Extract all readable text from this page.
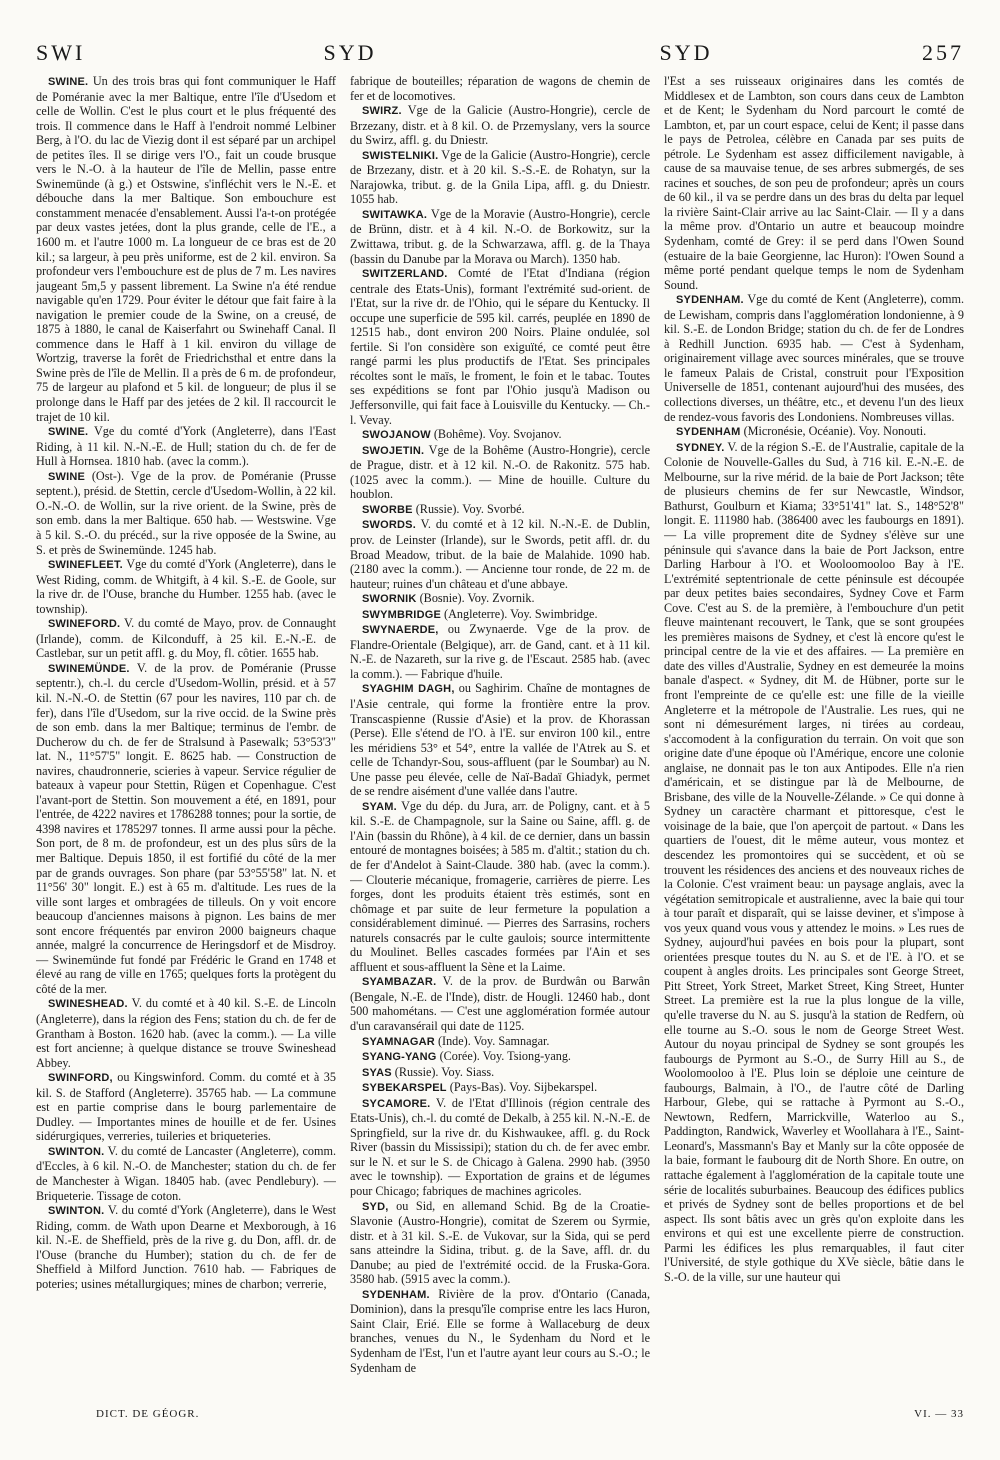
SWI	SYD	SYD	257

SWINE. Un des trois bras qui font communiquer le Haff de Poméranie avec la mer Baltique, entre l'île d'Usedom et celle de Wollin. C'est le plus court et le plus fréquenté des trois. Il commence dans le Haff à l'endroit nommé Lelbiner Berg, à l'O. du lac de Viezig dont il est séparé par un archipel de petites îles. Il se dirige vers l'O., fait un coude brusque vers le N.-O. à la hauteur de l'île de Mellin, passe entre Swinemünde (à g.) et Ostswine, s'infléchit vers le N.-E. et débouche dans la mer Baltique. Son embouchure est constamment menacée d'ensablement. Aussi l'a-t-on protégée par deux vastes jetées, dont la plus grande, celle de l'E., a 1600 m. et l'autre 1000 m. La longueur de ce bras est de 20 kil.; sa largeur, à peu près uniforme, est de 2 kil. environ. Sa profondeur vers l'embouchure est de plus de 7 m. Les navires jaugeant 5m,5 y passent librement. La Swine n'a été rendue navigable qu'en 1729. Pour éviter le détour que fait faire à la navigation le premier coude de la Swine, on a creusé, de 1875 à 1880, le canal de Kaiserfahrt ou Swinehaff Canal. Il commence dans le Haff à 1 kil. environ du village de Wortzig, traverse la forêt de Friedrichsthal et entre dans la Swine près de l'île de Mellin. Il a près de 6 m. de profondeur, 75 de largeur au plafond et 5 kil. de longueur; de plus il se prolonge dans le Haff par des jetées de 2 kil. Il raccourcit le trajet de 10 kil.

SWINE. Vge du comté d'York (Angleterre), dans l'East Riding, à 11 kil. N.-N.-E. de Hull; station du ch. de fer de Hull à Hornsea. 1810 hab. (avec la comm.).

SWINE (Ost-). Vge de la prov. de Poméranie (Prusse septent.), présid. de Stettin, cercle d'Usedom-Wollin, à 22 kil. O.-N.-O. de Wollin, sur la rive orient. de la Swine, près de son emb. dans la mer Baltique. 650 hab. — Westswine. Vge à 5 kil. S.-O. du précéd., sur la rive opposée de la Swine, au S. et près de Swinemünde. 1245 hab.

SWINEFLEET. Vge du comté d'York (Angleterre), dans le West Riding, comm. de Whitgift, à 4 kil. S.-E. de Goole, sur la rive dr. de l'Ouse, branche du Humber. 1255 hab. (avec le township).

SWINEFORD. V. du comté de Mayo, prov. de Connaught (Irlande), comm. de Kilconduff, à 25 kil. E.-N.-E. de Castlebar, sur un petit affl. g. du Moy, fl. côtier. 1655 hab.

SWINEMÜNDE. V. de la prov. de Poméranie (Prusse septentr.), ch.-l. du cercle d'Usedom-Wollin, présid. et à 57 kil. N.-N.-O. de Stettin (67 pour les navires, 110 par ch. de fer), dans l'île d'Usedom, sur la rive occid. de la Swine près de son emb. dans la mer Baltique; terminus de l'embr. de Ducherow du ch. de fer de Stralsund à Pasewalk; 53°53'3" lat. N., 11°57'5" longit. E. 8625 hab. — Construction de navires, chaudronnerie, scieries à vapeur. Service régulier de bateaux à vapeur pour Stettin, Rügen et Copenhague. C'est l'avant-port de Stettin. Son mouvement a été, en 1891, pour l'entrée, de 4222 navires et 1786288 tonnes; pour la sortie, de 4398 navires et 1785297 tonnes. Il arme aussi pour la pêche. Son port, de 8 m. de profondeur, est un des plus sûrs de la mer Baltique. Depuis 1850, il est fortifié du côté de la mer par de grands ouvrages. Son phare (par 53°55'58" lat. N. et 11°56' 30" longit. E.) est à 65 m. d'altitude. Les rues de la ville sont larges et ombragées de tilleuls. On y voit encore beaucoup d'anciennes maisons à pignon. Les bains de mer sont encore fréquentés par environ 2000 baigneurs chaque année, malgré la concurrence de Heringsdorf et de Misdroy. — Swinemünde fut fondé par Frédéric le Grand en 1748 et élevé au rang de ville en 1765; quelques forts la protègent du côté de la mer.

SWINESHEAD. V. du comté et à 40 kil. S.-E. de Lincoln (Angleterre), dans la région des Fens; station du ch. de fer de Grantham à Boston. 1620 hab. (avec la comm.). — La ville est fort ancienne; à quelque distance se trouve Swineshead Abbey.

SWINFORD, ou Kingswinford. Comm. du comté et à 35 kil. S. de Stafford (Angleterre). 35765 hab. — La commune est en partie comprise dans le bourg parlementaire de Dudley. — Importantes mines de houille et de fer. Usines sidérurgiques, verreries, tuileries et briqueteries.

SWINTON. V. du comté de Lancaster (Angleterre), comm. d'Eccles, à 6 kil. N.-O. de Manchester; station du ch. de fer de Manchester à Wigan. 18405 hab. (avec Pendlebury). — Briqueterie. Tissage de coton.

SWINTON. V. du comté d'York (Angleterre), dans le West Riding, comm. de Wath upon Dearne et Mexborough, à 16 kil. N.-E. de Sheffield, près de la rive g. du Don, affl. dr. de l'Ouse (branche du Humber); station du ch. de fer de Sheffield à Milford Junction. 7610 hab. — Fabriques de poteries; usines métallurgiques; mines de charbon; verrerie,

fabrique de bouteilles; réparation de wagons de chemin de fer et de locomotives.

SWIRZ. Vge de la Galicie (Austro-Hongrie), cercle de Brzezany, distr. et à 8 kil. O. de Przemyslany, vers la source du Swirz, affl. g. du Dniestr.

SWISTELNIKI. Vge de la Galicie (Austro-Hongrie), cercle de Brzezany, distr. et à 20 kil. S.-S.-E. de Rohatyn, sur la Narajowka, tribut. g. de la Gnila Lipa, affl. g. du Dniestr. 1055 hab.

SWITAWKA. Vge de la Moravie (Austro-Hongrie), cercle de Brünn, distr. et à 4 kil. N.-O. de Borkowitz, sur la Zwittawa, tribut. g. de la Schwarzawa, affl. g. de la Thaya (bassin du Danube par la Morava ou March). 1350 hab.

SWITZERLAND. Comté de l'Etat d'Indiana (région centrale des Etats-Unis), formant l'extrémité sud-orient. de l'Etat, sur la rive dr. de l'Ohio, qui le sépare du Kentucky. Il occupe une superficie de 595 kil. carrés, peuplée en 1890 de 12515 hab., dont environ 200 Noirs. Plaine ondulée, sol fertile. Si l'on considère son exiguïté, ce comté peut être rangé parmi les plus productifs de l'Etat. Ses principales récoltes sont le maïs, le froment, le foin et le tabac. Toutes ses expéditions se font par l'Ohio jusqu'à Madison ou Jeffersonville, qui fait face à Louisville du Kentucky. — Ch.-l. Vevay.

SWOJANOW (Bohême). Voy. Svojanov.

SWOJETIN. Vge de la Bohême (Austro-Hongrie), cercle de Prague, distr. et à 12 kil. N.-O. de Rakonitz. 575 hab. (1025 avec la comm.). — Mine de houille. Culture du houblon.

SWORBE (Russie). Voy. Svorbé.

SWORDS. V. du comté et à 12 kil. N.-N.-E. de Dublin, prov. de Leinster (Irlande), sur le Swords, petit affl. dr. du Broad Meadow, tribut. de la baie de Malahide. 1090 hab. (2180 avec la comm.). — Ancienne tour ronde, de 22 m. de hauteur; ruines d'un château et d'une abbaye.

SWORNIK (Bosnie). Voy. Zvornik.

SWYMBRIDGE (Angleterre). Voy. Swimbridge.

SWYNAERDE, ou Zwynaerde. Vge de la prov. de Flandre-Orientale (Belgique), arr. de Gand, cant. et à 11 kil. N.-E. de Nazareth, sur la rive g. de l'Escaut. 2585 hab. (avec la comm.). — Fabrique d'huile.

SYAGHIM DAGH, ou Saghirim. Chaîne de montagnes de l'Asie centrale, qui forme la frontière entre la prov. Transcaspienne (Russie d'Asie) et la prov. de Khorassan (Perse). Elle s'étend de l'O. à l'E. sur environ 100 kil., entre les méridiens 53° et 54°, entre la vallée de l'Atrek au S. et celle de Tchandyr-Sou, sous-affluent (par le Soumbar) au N. Une passe peu élevée, celle de Naï-Badaï Ghiadyk, permet de se rendre aisément d'une vallée dans l'autre.

SYAM. Vge du dép. du Jura, arr. de Poligny, cant. et à 5 kil. S.-E. de Champagnole, sur la Saine ou Saine, affl. g. de l'Ain (bassin du Rhône), à 4 kil. de ce dernier, dans un bassin entouré de montagnes boisées; à 585 m. d'altit.; station du ch. de fer d'Andelot à Saint-Claude. 380 hab. (avec la comm.). — Clouterie mécanique, fromagerie, carrières de pierre. Les forges, dont les produits étaient très estimés, sont en chômage et par suite de leur fermeture la population a considérablement diminué. — Pierres des Sarrasins, rochers naturels consacrés par le culte gaulois; source intermittente du Moulinet. Belles cascades formées par l'Ain et ses affluent et sous-affluent la Sène et la Laime.

SYAMBAZAR. V. de la prov. de Burdwân ou Barwân (Bengale, N.-E. de l'Inde), distr. de Hougli. 12460 hab., dont 500 mahométans. — C'est une agglomération formée autour d'un caravansérail qui date de 1125.

SYAMNAGAR (Inde). Voy. Samnagar.

SYANG-YANG (Corée). Voy. Tsiong-yang.

SYAS (Russie). Voy. Siass.

SYBEKARSPEL (Pays-Bas). Voy. Sijbekarspel.

SYCAMORE. V. de l'Etat d'Illinois (région centrale des Etats-Unis), ch.-l. du comté de Dekalb, à 255 kil. N.-N.-E. de Springfield, sur la rive dr. du Kishwaukee, affl. g. du Rock River (bassin du Mississipi); station du ch. de fer avec embr. sur le N. et sur le S. de Chicago à Galena. 2990 hab. (3950 avec le township). — Exportation de grains et de légumes pour Chicago; fabriques de machines agricoles.

SYD, ou Sid, en allemand Schid. Bg de la Croatie-Slavonie (Austro-Hongrie), comitat de Szerem ou Syrmie, distr. et à 31 kil. S.-E. de Vukovar, sur la Sida, qui se perd sans atteindre la Sidina, tribut. g. de la Save, affl. dr. du Danube; au pied de l'extrémité occid. de la Fruska-Gora. 3580 hab. (5915 avec la comm.).

SYDENHAM. Rivière de la prov. d'Ontario (Canada, Dominion), dans la presqu'île comprise entre les lacs Huron, Saint Clair, Erié. Elle se forme à Wallaceburg de deux branches, venues du N., le Sydenham du Nord et le Sydenham de l'Est, l'un et l'autre ayant leur cours au S.-O.; le Sydenham de

l'Est a ses ruisseaux originaires dans les comtés de Middlesex et de Lambton, son cours dans ceux de Lambton et de Kent; le Sydenham du Nord parcourt le comté de Lambton, et, par un court espace, celui de Kent; il passe dans le pays de Petrolea, célèbre en Canada par ses puits de pétrole. Le Sydenham est assez difficilement navigable, à cause de sa mauvaise tenue, de ses arbres submergés, de ses racines et souches, de son peu de profondeur; après un cours de 60 kil., il va se perdre dans un des bras du delta par lequel la rivière Saint-Clair arrive au lac Saint-Clair. — Il y a dans la même prov. d'Ontario un autre et beaucoup moindre Sydenham, comté de Grey: il se perd dans l'Owen Sound (estuaire de la baie Georgienne, lac Huron): l'Owen Sound a même porté pendant quelque temps le nom de Sydenham Sound.

SYDENHAM. Vge du comté de Kent (Angleterre), comm. de Lewisham, compris dans l'agglomération londonienne, à 9 kil. S.-E. de London Bridge; station du ch. de fer de Londres à Redhill Junction. 6935 hab. — C'est à Sydenham, originairement village avec sources minérales, que se trouve le fameux Palais de Cristal, construit pour l'Exposition Universelle de 1851, contenant aujourd'hui des musées, des collections diverses, un théâtre, etc., et devenu l'un des lieux de rendez-vous favoris des Londoniens. Nombreuses villas.

SYDENHAM (Micronésie, Océanie). Voy. Nonouti.

SYDNEY. V. de la région S.-E. de l'Australie, capitale de la Colonie de Nouvelle-Galles du Sud, à 716 kil. E.-N.-E. de Melbourne, sur la rive mérid. de la baie de Port Jackson; tête de plusieurs chemins de fer sur Newcastle, Windsor, Bathurst, Goulburn et Kiama; 33°51'41" lat. S., 148°52'8" longit. E. 111980 hab. (386400 avec les faubourgs en 1891). — La ville proprement dite de Sydney s'élève sur une péninsule qui s'avance dans la baie de Port Jackson, entre Darling Harbour à l'O. et Wooloomooloo Bay à l'E. L'extrémité septentrionale de cette péninsule est découpée par deux petites baies secondaires, Sydney Cove et Farm Cove. C'est au S. de la première, à l'embouchure d'un petit fleuve maintenant recouvert, le Tank, que se sont groupées les premières maisons de Sydney, et c'est là encore qu'est le principal centre de la vie et des affaires. — La première en date des villes d'Australie, Sydney en est demeurée la moins banale d'aspect. « Sydney, dit M. de Hübner, porte sur le front l'empreinte de ce qu'elle est: une fille de la vieille Angleterre et la métropole de l'Australie. Les rues, qui ne sont ni démesurément larges, ni tirées au cordeau, s'accomodent à la configuration du terrain. On voit que son origine date d'une époque où l'Amérique, encore une colonie anglaise, ne donnait pas le ton aux Antipodes. Elle n'a rien d'américain, et se distingue par là de Melbourne, de Brisbane, des ville de la Nouvelle-Zélande. » Ce qui donne à Sydney un caractère charmant et pittoresque, c'est le voisinage de la baie, que l'on aperçoit de partout. « Dans les quartiers de l'ouest, dit le même auteur, vous montez et descendez les promontoires qui se succèdent, et où se trouvent les résidences des anciens et des nouveaux riches de la Colonie. C'est vraiment beau: un paysage anglais, avec la végétation semitropicale et australienne, avec la baie qui tour à tour paraît et disparaît, qui se laisse deviner, et s'impose à vos yeux quand vous vous y attendez le moins. » Les rues de Sydney, aujourd'hui pavées en bois pour la plupart, sont orientées presque toutes du N. au S. et de l'E. à l'O. et se coupent à angles droits. Les principales sont George Street, Pitt Street, York Street, Market Street, King Street, Hunter Street. La première est la rue la plus longue de la ville, qu'elle traverse du N. au S. jusqu'à la station de Redfern, où elle tourne au S.-O. sous le nom de George Street West. Autour du noyau principal de Sydney se sont groupés les faubourgs de Pyrmont au S.-O., de Surry Hill au S., de Woolomooloo à l'E. Plus loin se déploie une ceinture de faubourgs, Balmain, à l'O., de l'autre côté de Darling Harbour, Glebe, qui se rattache à Pyrmont au S.-O., Newtown, Redfern, Marrickville, Waterloo au S., Paddington, Randwick, Waverley et Woollahara à l'E., Saint-Leonard's, Massmann's Bay et Manly sur la côte opposée de la baie, formant le faubourg dit de North Shore. En outre, on rattache également à l'agglomération de la capitale toute une série de localités suburbaines. Beaucoup des édifices publics et privés de Sydney sont de belles proportions et de bel aspect. Ils sont bâtis avec un grès qu'on exploite dans les environs et qui est une excellente pierre de construction. Parmi les édifices les plus remarquables, il faut citer l'Université, de style gothique du XVe siècle, bâtie dans le S.-O. de la ville, sur une hauteur qui

DICT. DE GÉOGR.	VI. — 33
